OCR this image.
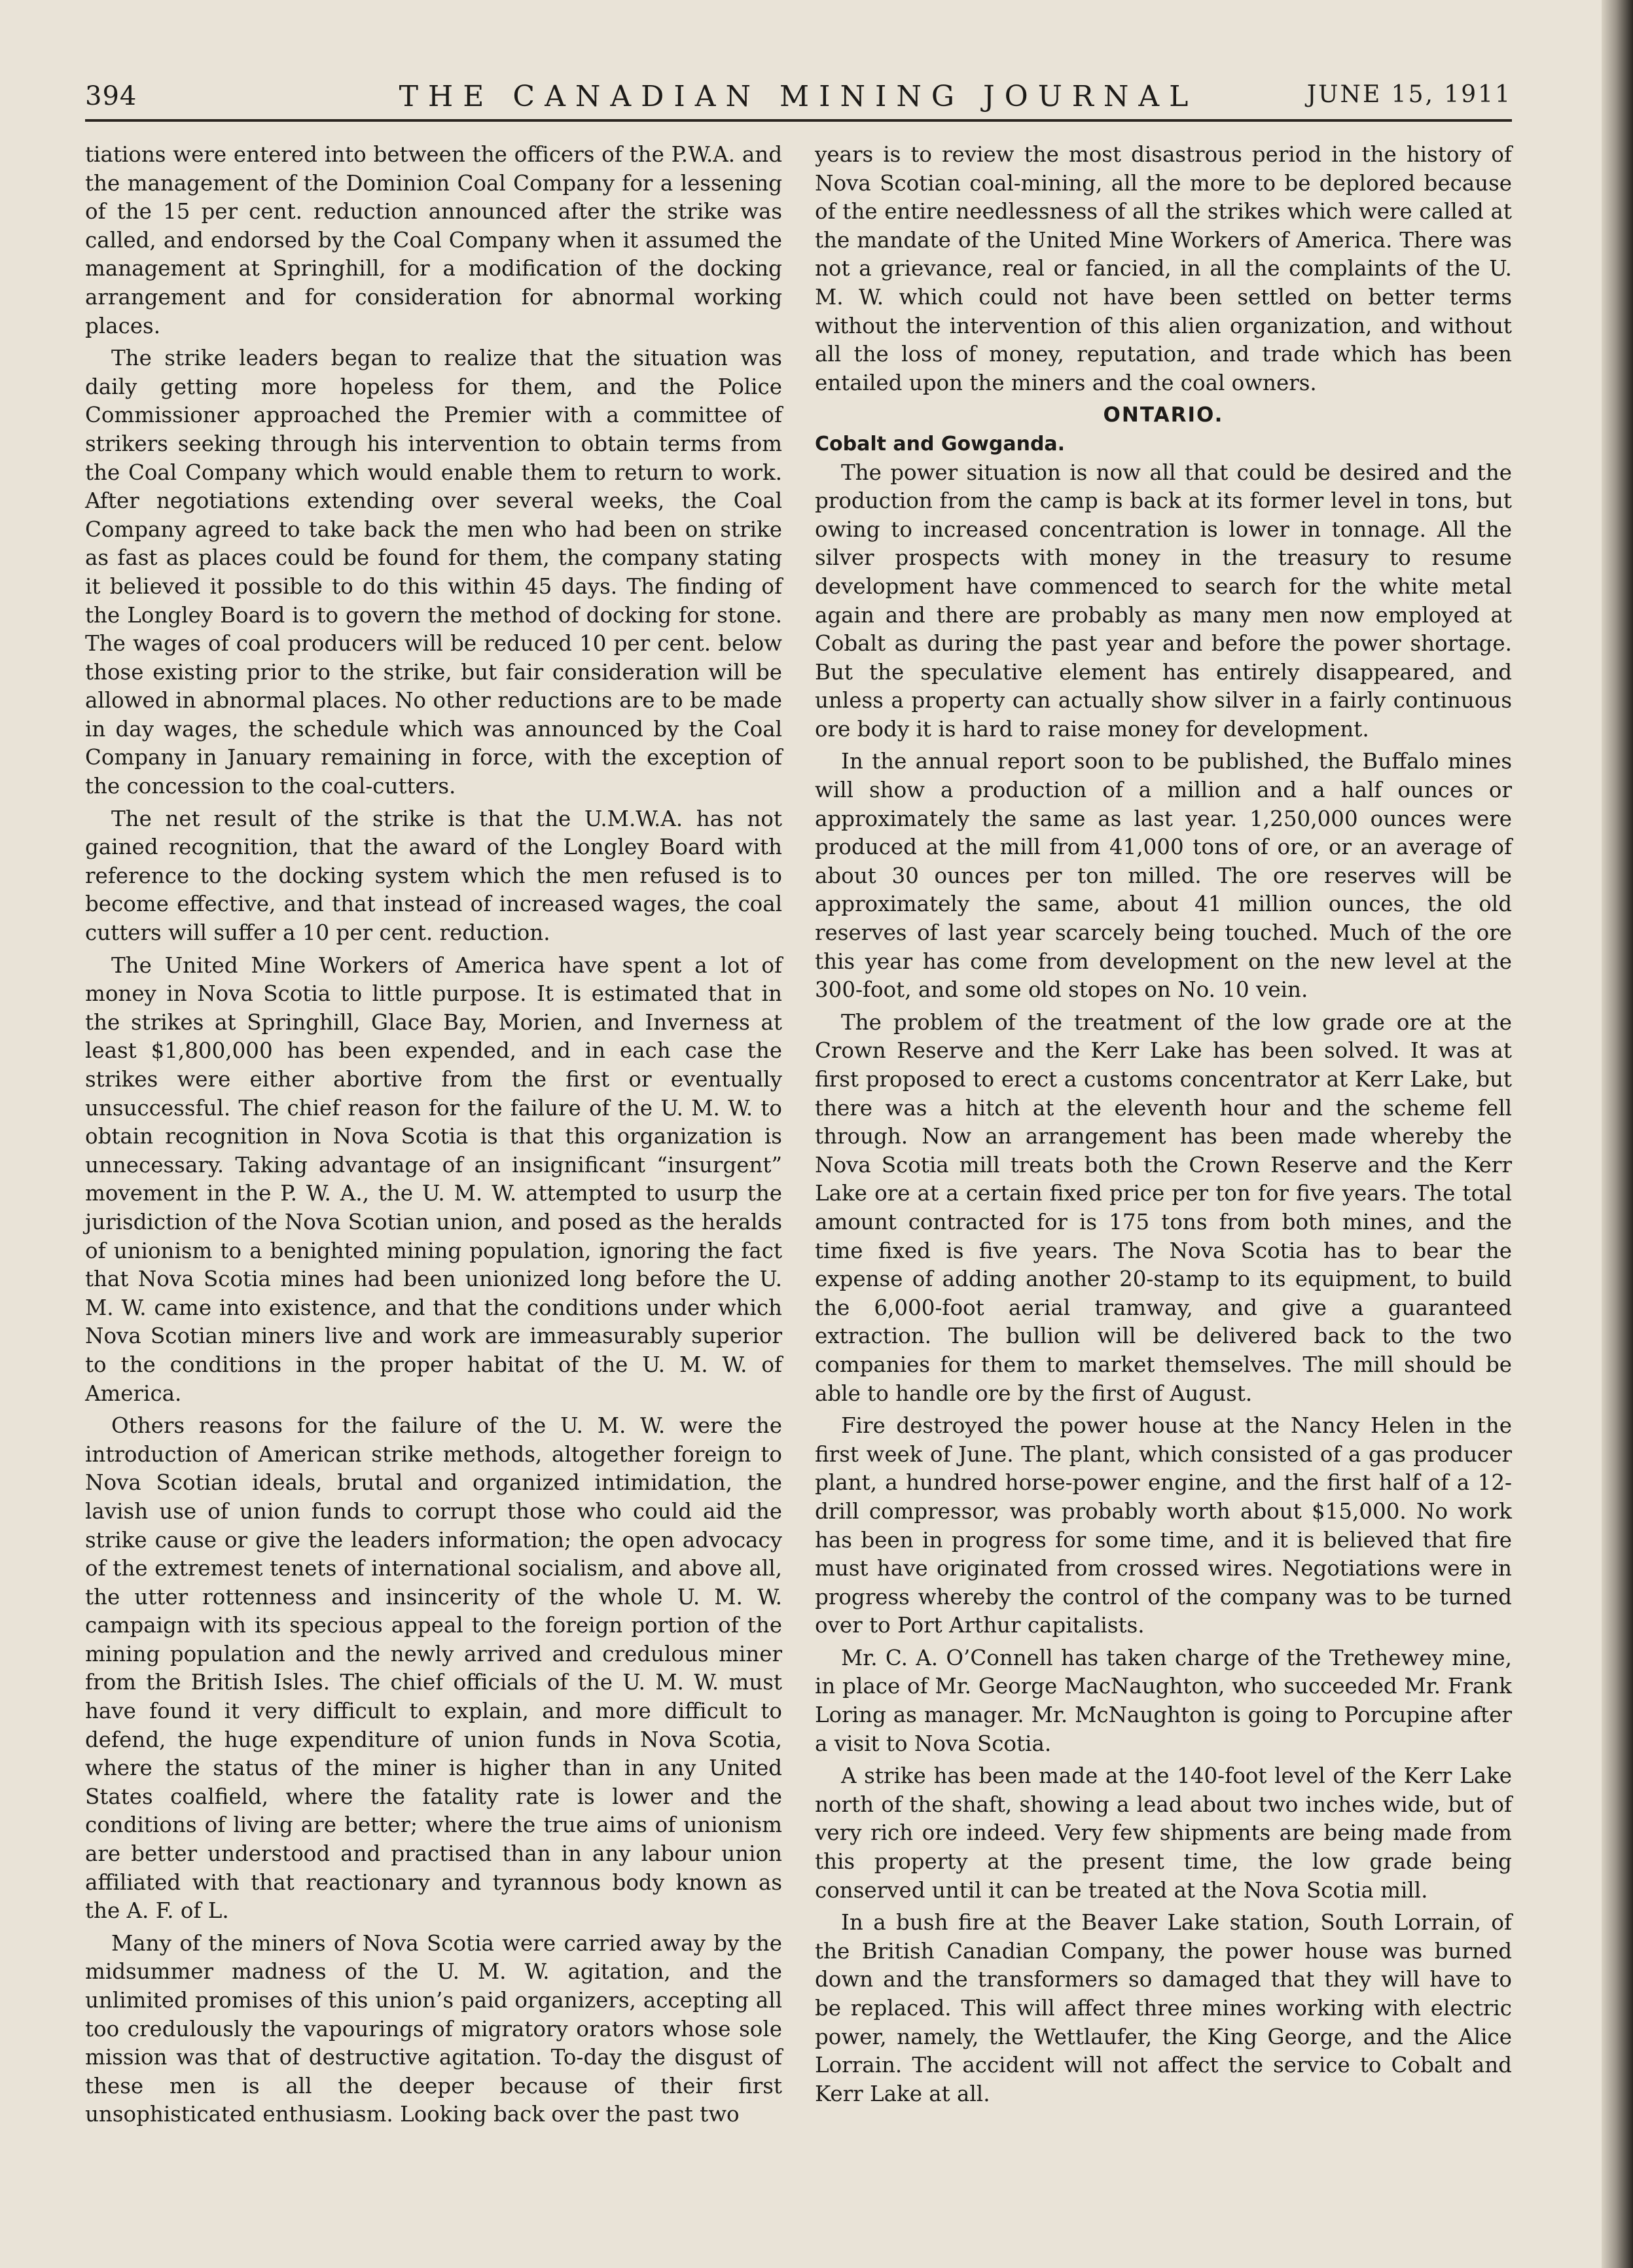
394	THE CANADIAN MINING JOURNAL	JUNE 15, 1911

tiations were entered into between the officers of the P.W.A. and the management of the Dominion Coal Company for a lessening of the 15 per cent. reduction announced after the strike was called, and endorsed by the Coal Company when it assumed the management at Springhill, for a modification of the docking arrangement and for consideration for abnormal working places.

The strike leaders began to realize that the situation was daily getting more hopeless for them, and the Police Commissioner approached the Premier with a committee of strikers seeking through his intervention to obtain terms from the Coal Company which would enable them to return to work. After negotiations extending over several weeks, the Coal Company agreed to take back the men who had been on strike as fast as places could be found for them, the company stating it believed it possible to do this within 45 days. The finding of the Longley Board is to govern the method of docking for stone. The wages of coal producers will be reduced 10 per cent. below those existing prior to the strike, but fair consideration will be allowed in abnormal places. No other reductions are to be made in day wages, the schedule which was announced by the Coal Company in January remaining in force, with the exception of the concession to the coal-cutters.

The net result of the strike is that the U.M.W.A. has not gained recognition, that the award of the Longley Board with reference to the docking system which the men refused is to become effective, and that instead of increased wages, the coal cutters will suffer a 10 per cent. reduction.

The United Mine Workers of America have spent a lot of money in Nova Scotia to little purpose. It is estimated that in the strikes at Springhill, Glace Bay, Morien, and Inverness at least $1,800,000 has been expended, and in each case the strikes were either abortive from the first or eventually unsuccessful. The chief reason for the failure of the U. M. W. to obtain recognition in Nova Scotia is that this organization is unnecessary. Taking advantage of an insignificant “insurgent” movement in the P. W. A., the U. M. W. attempted to usurp the jurisdiction of the Nova Scotian union, and posed as the heralds of unionism to a benighted mining population, ignoring the fact that Nova Scotia mines had been unionized long before the U. M. W. came into existence, and that the conditions under which Nova Scotian miners live and work are immeasurably superior to the conditions in the proper habitat of the U. M. W. of America.

Others reasons for the failure of the U. M. W. were the introduction of American strike methods, altogether foreign to Nova Scotian ideals, brutal and organized intimidation, the lavish use of union funds to corrupt those who could aid the strike cause or give the leaders information; the open advocacy of the extremest tenets of international socialism, and above all, the utter rottenness and insincerity of the whole U. M. W. campaign with its specious appeal to the foreign portion of the mining population and the newly arrived and credulous miner from the British Isles. The chief officials of the U. M. W. must have found it very difficult to explain, and more difficult to defend, the huge expenditure of union funds in Nova Scotia, where the status of the miner is higher than in any United States coalfield, where the fatality rate is lower and the conditions of living are better; where the true aims of unionism are better understood and practised than in any labour union affiliated with that reactionary and tyrannous body known as the A. F. of L.

Many of the miners of Nova Scotia were carried away by the midsummer madness of the U. M. W. agitation, and the unlimited promises of this union’s paid organizers, accepting all too credulously the vapourings of migratory orators whose sole mission was that of destructive agitation. To-day the disgust of these men is all the deeper because of their first unsophisticated enthusiasm. Looking back over the past two

years is to review the most disastrous period in the history of Nova Scotian coal-mining, all the more to be deplored because of the entire needlessness of all the strikes which were called at the mandate of the United Mine Workers of America. There was not a grievance, real or fancied, in all the complaints of the U. M. W. which could not have been settled on better terms without the intervention of this alien organization, and without all the loss of money, reputation, and trade which has been entailed upon the miners and the coal owners.

ONTARIO.
Cobalt and Gowganda.

The power situation is now all that could be desired and the production from the camp is back at its former level in tons, but owing to increased concentration is lower in tonnage. All the silver prospects with money in the treasury to resume development have commenced to search for the white metal again and there are probably as many men now employed at Cobalt as during the past year and before the power shortage. But the speculative element has entirely disappeared, and unless a property can actually show silver in a fairly continuous ore body it is hard to raise money for development.

In the annual report soon to be published, the Buffalo mines will show a production of a million and a half ounces or approximately the same as last year. 1,250,000 ounces were produced at the mill from 41,000 tons of ore, or an average of about 30 ounces per ton milled. The ore reserves will be approximately the same, about 41 million ounces, the old reserves of last year scarcely being touched. Much of the ore this year has come from development on the new level at the 300-foot, and some old stopes on No. 10 vein.

The problem of the treatment of the low grade ore at the Crown Reserve and the Kerr Lake has been solved. It was at first proposed to erect a customs concentrator at Kerr Lake, but there was a hitch at the eleventh hour and the scheme fell through. Now an arrangement has been made whereby the Nova Scotia mill treats both the Crown Reserve and the Kerr Lake ore at a certain fixed price per ton for five years. The total amount contracted for is 175 tons from both mines, and the time fixed is five years. The Nova Scotia has to bear the expense of adding another 20-stamp to its equipment, to build the 6,000-foot aerial tramway, and give a guaranteed extraction. The bullion will be delivered back to the two companies for them to market themselves. The mill should be able to handle ore by the first of August.

Fire destroyed the power house at the Nancy Helen in the first week of June. The plant, which consisted of a gas producer plant, a hundred horse-power engine, and the first half of a 12-drill compressor, was probably worth about $15,000. No work has been in progress for some time, and it is believed that fire must have originated from crossed wires. Negotiations were in progress whereby the control of the company was to be turned over to Port Arthur capitalists.

Mr. C. A. O’Connell has taken charge of the Trethewey mine, in place of Mr. George MacNaughton, who succeeded Mr. Frank Loring as manager. Mr. McNaughton is going to Porcupine after a visit to Nova Scotia.

A strike has been made at the 140-foot level of the Kerr Lake north of the shaft, showing a lead about two inches wide, but of very rich ore indeed. Very few shipments are being made from this property at the present time, the low grade being conserved until it can be treated at the Nova Scotia mill.

In a bush fire at the Beaver Lake station, South Lorrain, of the British Canadian Company, the power house was burned down and the transformers so damaged that they will have to be replaced. This will affect three mines working with electric power, namely, the Wettlaufer, the King George, and the Alice Lorrain. The accident will not affect the service to Cobalt and Kerr Lake at all.
